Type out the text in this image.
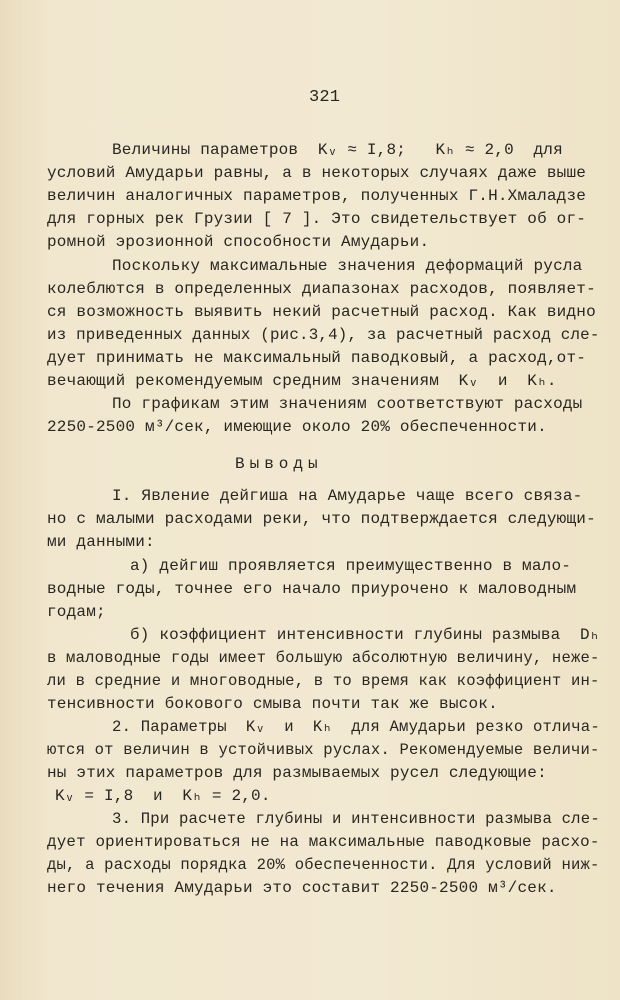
321
Величины параметров  Kᵥ ≈ I,8;   Kₕ ≈ 2,0  для
условий Амударьи равны, а в некоторых случаях даже выше
величин аналогичных параметров, полученных Г.Н.Хмаладзе
для горных рек Грузии [ 7 ]. Это свидетельствует об ог-
ромной эрозионной способности Амударьи.
Поскольку максимальные значения деформаций русла
колеблются в определенных диапазонах расходов, появляет-
ся возможность выявить некий расчетный расход. Как видно
из приведенных данных (рис.3,4), за расчетный расход сле-
дует принимать не максимальный паводковый, а расход,от-
вечающий рекомендуемым средним значениям  Kᵥ  и  Kₕ.
По графикам этим значениям соответствуют расходы
2250-2500 м³/сек, имеющие около 20% обеспеченности.
Выводы
I. Явление дейгиша на Амударье чаще всего связа-
но с малыми расходами реки, что подтверждается следующи-
ми данными:
а) дейгиш проявляется преимущественно в мало-
водные годы, точнее его начало приурочено к маловодным
годам;
б) коэффициент интенсивности глубины размыва  Dₕ
в маловодные годы имеет большую абсолютную величину, неже-
ли в средние и многоводные, в то время как коэффициент ин-
тенсивности бокового смыва почти так же высок.
2. Параметры  Kᵥ  и  Kₕ  для Амударьи резко отлича-
ются от величин в устойчивых руслах. Рекомендуемые величи-
ны этих параметров для размываемых русел следующие:
Kᵥ = I,8  и  Kₕ = 2,0.
3. При расчете глубины и интенсивности размыва сле-
дует ориентироваться не на максимальные паводковые расхо-
ды, а расходы порядка 20% обеспеченности. Для условий ниж-
него течения Амударьи это составит 2250-2500 м³/сек.
